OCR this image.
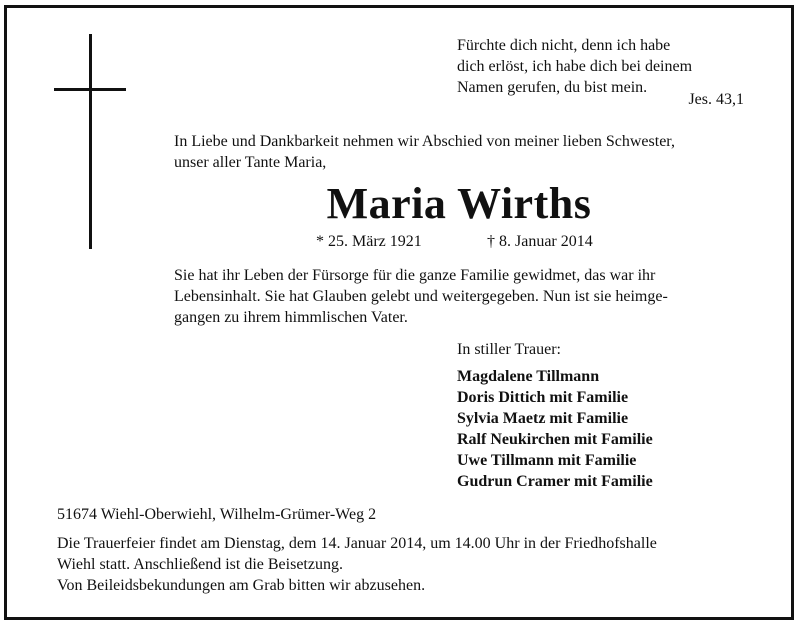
Fürchte dich nicht, denn ich habe
dich erlöst, ich habe dich bei deinem
Namen gerufen, du bist mein.
Jes. 43,1
In Liebe und Dankbarkeit nehmen wir Abschied von meiner lieben Schwester,
unser aller Tante Maria,
Maria Wirths
* 25. März 1921	† 8. Januar 2014
Sie hat ihr Leben der Fürsorge für die ganze Familie gewidmet, das war ihr
Lebensinhalt. Sie hat Glauben gelebt und weitergegeben. Nun ist sie heimge-
gangen zu ihrem himmlischen Vater.
In stiller Trauer:
Magdalene Tillmann
Doris Dittich mit Familie
Sylvia Maetz mit Familie
Ralf Neukirchen mit Familie
Uwe Tillmann mit Familie
Gudrun Cramer mit Familie
51674 Wiehl-Oberwiehl, Wilhelm-Grümer-Weg 2
Die Trauerfeier findet am Dienstag, dem 14. Januar 2014, um 14.00 Uhr in der Friedhofshalle
Wiehl statt. Anschließend ist die Beisetzung.
Von Beileidsbekundungen am Grab bitten wir abzusehen.
